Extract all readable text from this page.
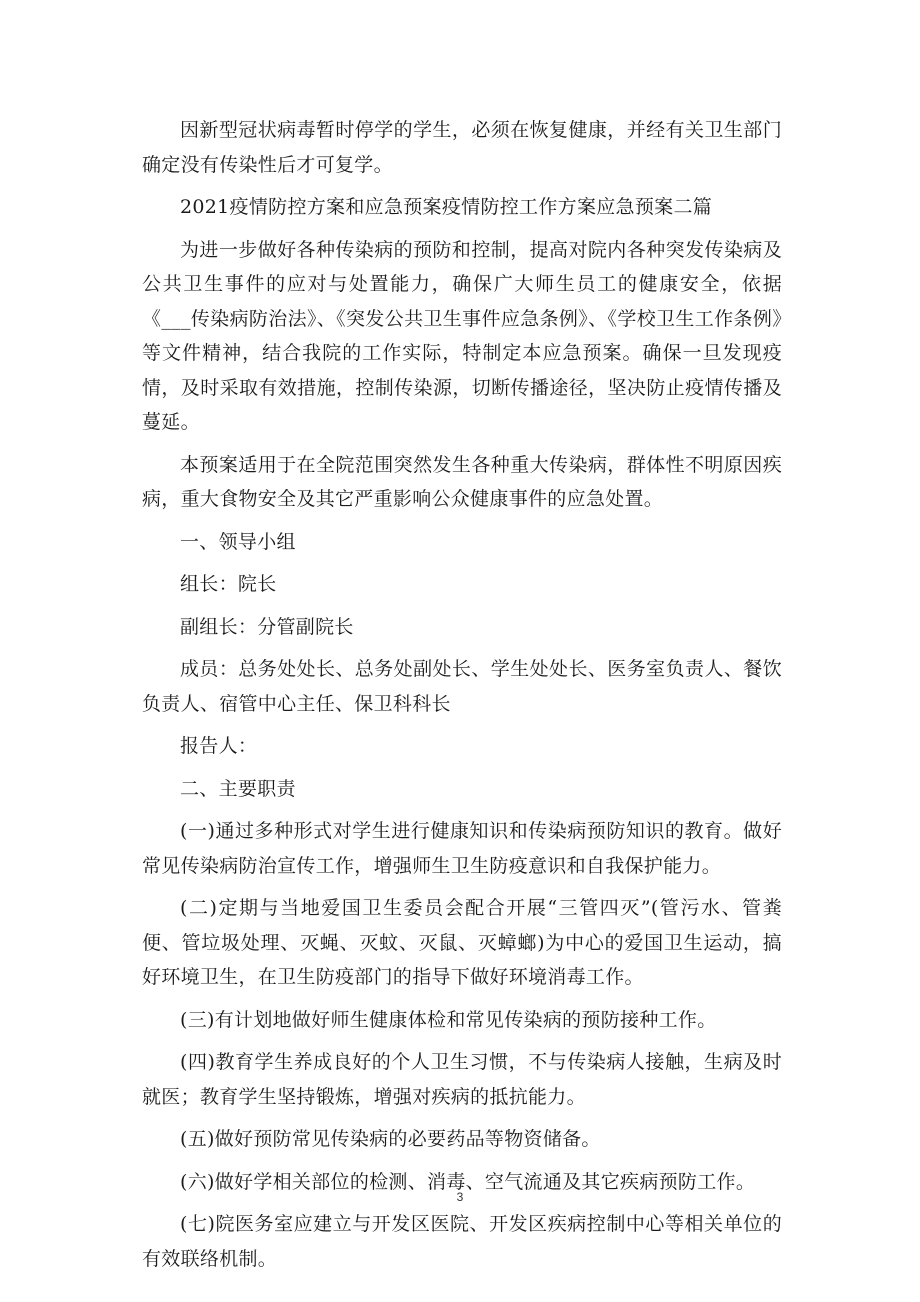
因新型冠状病毒暂时停学的学生，必须在恢复健康，并经有关卫生部门确定没有传染性后才可复学。

2021疫情防控方案和应急预案疫情防控工作方案应急预案二篇

为进一步做好各种传染病的预防和控制，提高对院内各种突发传染病及公共卫生事件的应对与处置能力，确保广大师生员工的健康安全，依据《___传染病防治法》、《突发公共卫生事件应急条例》、《学校卫生工作条例》等文件精神，结合我院的工作实际，特制定本应急预案。确保一旦发现疫情，及时采取有效措施，控制传染源，切断传播途径，坚决防止疫情传播及蔓延。

本预案适用于在全院范围突然发生各种重大传染病，群体性不明原因疾病，重大食物安全及其它严重影响公众健康事件的应急处置。

一、领导小组

组长：院长

副组长：分管副院长

成员：总务处处长、总务处副处长、学生处处长、医务室负责人、餐饮负责人、宿管中心主任、保卫科科长

报告人：

二、主要职责

(一)通过多种形式对学生进行健康知识和传染病预防知识的教育。做好常见传染病防治宣传工作，增强师生卫生防疫意识和自我保护能力。

(二)定期与当地爱国卫生委员会配合开展“三管四灭”(管污水、管粪便、管垃圾处理、灭蝇、灭蚊、灭鼠、灭蟑螂)为中心的爱国卫生运动，搞好环境卫生，在卫生防疫部门的指导下做好环境消毒工作。

(三)有计划地做好师生健康体检和常见传染病的预防接种工作。

(四)教育学生养成良好的个人卫生习惯，不与传染病人接触，生病及时就医；教育学生坚持锻炼，增强对疾病的抵抗能力。

(五)做好预防常见传染病的必要药品等物资储备。

(六)做好学相关部位的检测、消毒、空气流通及其它疾病预防工作。

(七)院医务室应建立与开发区医院、开发区疾病控制中心等相关单位的有效联络机制。

3
